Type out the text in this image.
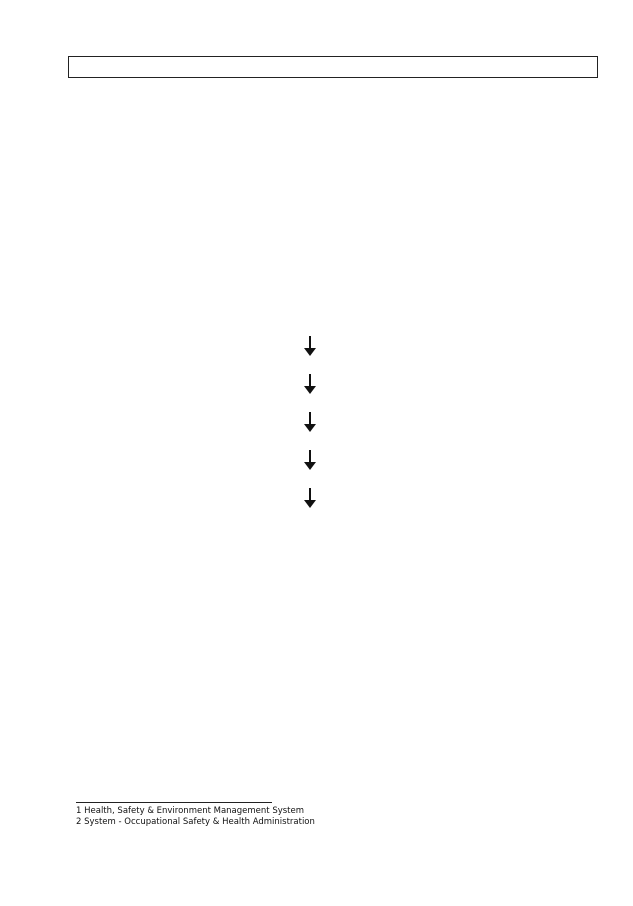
1 Health, Safety & Environment Management System
2 System - Occupational Safety & Health Administration
